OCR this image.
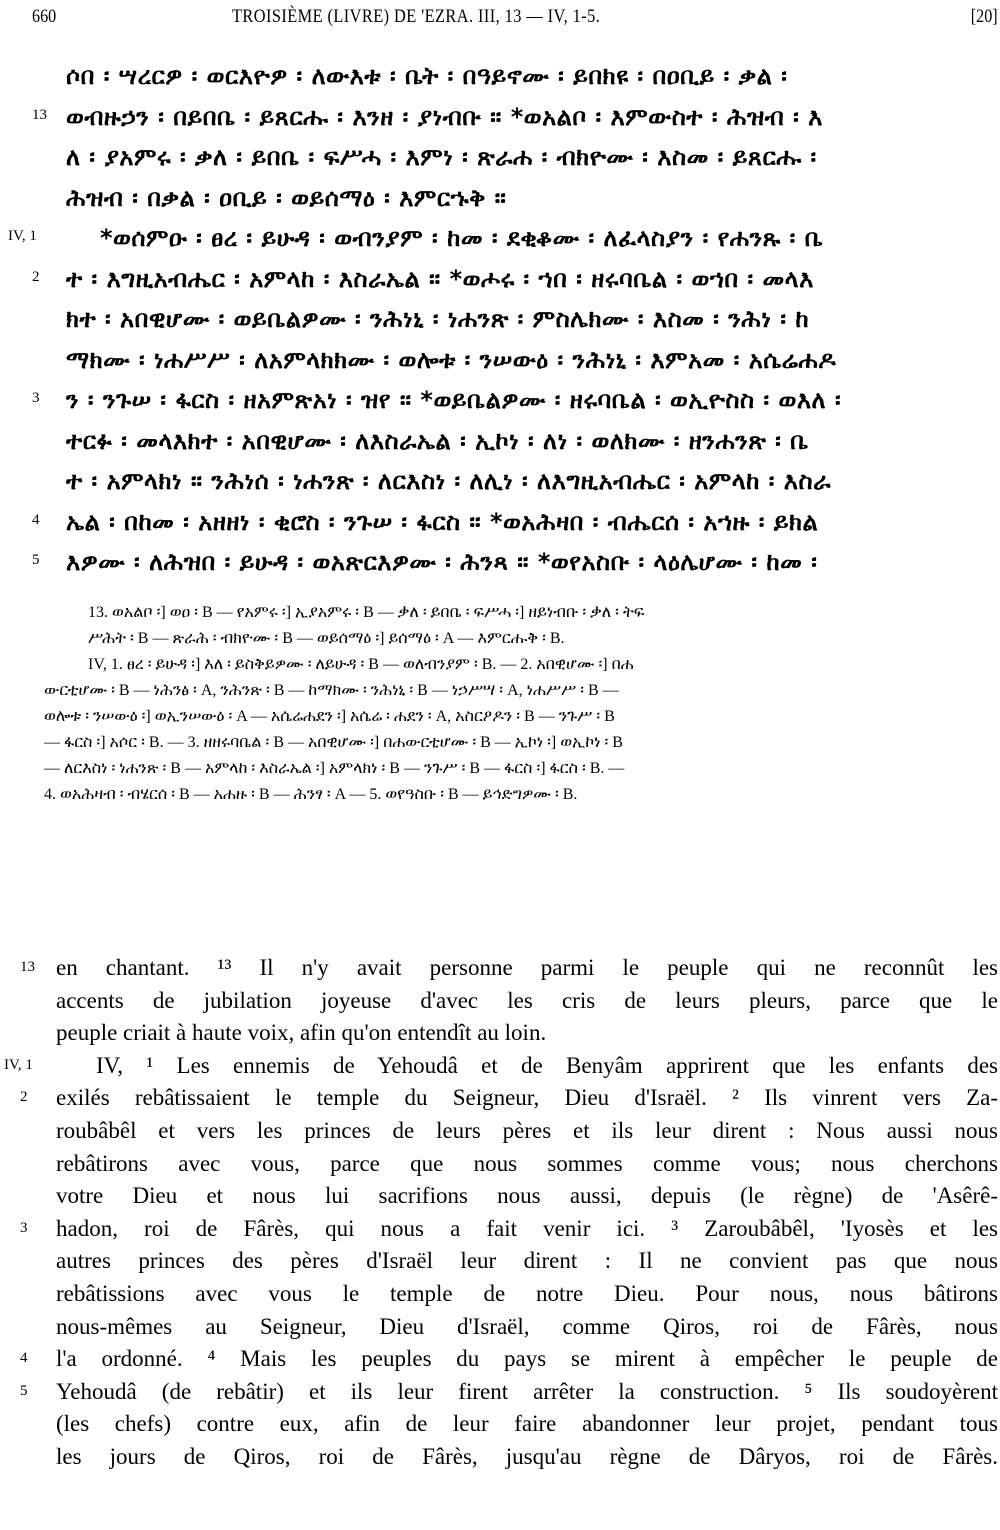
660	TROISIÈME (LIVRE) DE 'EZRA. III, 13 — IV, 1-5.	[20]
ሶበ ፡ ሣረርዎ ፡ ወርእዮዎ ፡ ለውእቱ ፡ ቤት ፡ በዓይኖሙ ፡ ይበክዩ ፡ በዐቢይ ፡ ቃል ፡
13 ወብዙኃን ፡ በይበቤ ፡ ይጸርሑ ፡ እንዘ ፡ ያነብቡ ። *ወአልቦ ፡ እምውስተ ፡ ሕዝብ ፡ እ
ለ ፡ ያአምሩ ፡ ቃለ ፡ ይበቤ ፡ ፍሥሓ ፡ እምነ ፡ ጽራሐ ፡ ብክዮሙ ፡ እስመ ፡ ይጸርሑ ፡
ሕዝብ ፡ በቃል ፡ ዐቢይ ፡ ወይሰማዕ ፡ እምርኁቅ ።
IV, 1	*ወሰምዑ ፡ ፀረ ፡ ይሁዳ ፡ ወብንያም ፡ ከመ ፡ ደቂቆሙ ፡ ለፈላስያን ፡ የሐንጹ ፡ ቤ
2 ተ ፡ እግዚአብሔር ፡ አምላከ ፡ እስራኤል ። *ወሖሩ ፡ ኀበ ፡ ዘሩባቤል ፡ ወኀበ ፡ መላእ
ክተ ፡ አበዊሆሙ ፡ ወይቤልዎሙ ፡ ንሕነኒ ፡ ነሐንጽ ፡ ምስሌክሙ ፡ እስመ ፡ ንሕነ ፡ ከ
ማክሙ ፡ ነሐሥሥ ፡ ለአምላክክሙ ፡ ወሎቱ ፡ ንሠውዕ ፡ ንሕነኒ ፡ እምአመ ፡ አሴሬሐዶ
3 ን ፡ ንጉሠ ፡ ፋርስ ፡ ዘአምጽአነ ፡ ዝየ ። *ወይቤልዎሙ ፡ ዘሩባቤል ፡ ወኢዮስስ ፡ ወእለ ፡
ተርፉ ፡ መላእክተ ፡ አበዊሆሙ ፡ ለእስራኤል ፡ ኢኮነ ፡ ለነ ፡ ወለክሙ ፡ ዘንሐንጽ ፡ ቤ
ተ ፡ አምላክነ ። ንሕነሰ ፡ ነሐንጽ ፡ ለርእስነ ፡ ለሊነ ፡ ለእግዚአብሔር ፡ አምላከ ፡ እስራ
4 ኤል ፡ በከመ ፡ አዘዘነ ፡ ቂሮስ ፡ ንጉሠ ፡ ፋርስ ። *ወአሕዛበ ፡ ብሔርሰ ፡ አኀዙ ፡ ይክል
5 እዎሙ ፡ ለሕዝበ ፡ ይሁዳ ፡ ወአጽርእዎሙ ፡ ሕንጻ ። *ወየአስቡ ፡ ላዕሌሆሙ ፡ ከመ ፡
13. ወአልቦ ፡] ወዐ ፡ B — የአምሩ ፡] ኢያአምሩ ፡ B — ቃለ ፡ ይበቤ ፡ ፍሥሓ ፡] ዘይነብቡ ፡ ቃለ ፡ ትፍ
ሥሕት ፡ B — ጽራሕ ፡ ብክዮሙ ፡ B — ወይሰማዕ ፡] ይሰማዕ ፡ A — እምርሑቅ ፡ B.
IV, 1. ፀረ ፡ ይሁዳ ፡] እለ ፡ ይስቅይዎሙ ፡ ለይሁዳ ፡ B — ወለብንያም ፡ B. — 2. አበዊሆሙ ፡] በሐ
ውርቲሆሙ ፡ B — ነሕንፅ ፡ A, ንሕንጽ ፡ B — ከማክሙ ፡ ንሕነኒ ፡ B — ነኃሥሣ ፡ A, ነሐሥሥ ፡ B —
ወሎቱ ፡ ንሠውዕ ፡] ወኢንሠውዕ ፡ A — አሴሬሐደን ፡] አሴሬ ፡ ሐደን ፡ A, አስርዖዶን ፡ B — ንጉሥ ፡ B
— ፋርስ ፡] አሶር ፡ B. — 3. ዘዘሩባቤል ፡ B — አበዊሆሙ ፡] በሐውርቲሆሙ ፡ B — ኢኮነ ፡] ወኢኮነ ፡ B
— ለርእስነ ፡ ነሐንጽ ፡ B — አምላከ ፡ እስራኤል ፡] አምላክነ ፡ B — ንጉሥ ፡ B — ፋርስ ፡] ፋርስ ፡ B. —
4. ወአሕዛብ ፡ ብሄርሰ ፡ B — አሐዙ ፡ B — ሕንፃ ፡ A — 5. ወየዓስቡ ፡ B — ይኅድግዎሙ ፡ B.
13 en chantant. ¹³ Il n'y avait personne parmi le peuple qui ne reconnût les
accents de jubilation joyeuse d'avec les cris de leurs pleurs, parce que le
peuple criait à haute voix, afin qu'on entendît au loin.
IV, 1	IV, ¹ Les ennemis de Yehoudâ et de Benyâm apprirent que les enfants des
2 exilés rebâtissaient le temple du Seigneur, Dieu d'Israël. ² Ils vinrent vers Za-
roubâbêl et vers les princes de leurs pères et ils leur dirent : Nous aussi nous
rebâtirons avec vous, parce que nous sommes comme vous; nous cherchons
votre Dieu et nous lui sacrifions nous aussi, depuis (le règne) de 'Asêrê-
3 hadon, roi de Fârès, qui nous a fait venir ici. ³ Zaroubâbêl, 'Iyosès et les
autres princes des pères d'Israël leur dirent : Il ne convient pas que nous
rebâtissions avec vous le temple de notre Dieu. Pour nous, nous bâtirons
nous-mêmes au Seigneur, Dieu d'Israël, comme Qiros, roi de Fârès, nous
4 l'a ordonné. ⁴ Mais les peuples du pays se mirent à empêcher le peuple de
5 Yehoudâ (de rebâtir) et ils leur firent arrêter la construction. ⁵ Ils soudoyèrent
(les chefs) contre eux, afin de leur faire abandonner leur projet, pendant tous
les jours de Qiros, roi de Fârès, jusqu'au règne de Dâryos, roi de Fârès.
